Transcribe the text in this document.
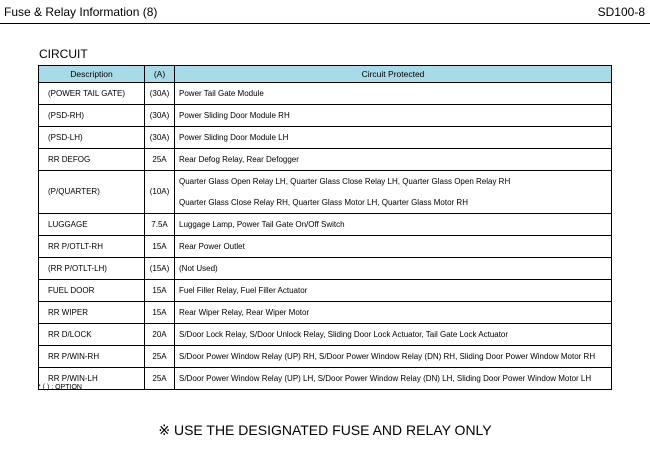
Fuse & Relay Information (8)	SD100-8
CIRCUIT
Description	(A)	Circuit Protected
(POWER TAIL GATE)	(30A)	Power Tail Gate Module

(PSD-RH)	(30A)	Power Sliding Door Module RH

(PSD-LH)	(30A)	Power Sliding Door Module LH

RR DEFOG	25A	Rear Defog Relay, Rear Defogger

(P/QUARTER)	(10A)	Quarter Glass Open Relay LH, Quarter Glass Close Relay LH, Quarter Glass Open Relay RH
Quarter Glass Close Relay RH, Quarter Glass Motor LH, Quarter Glass Motor RH

LUGGAGE	7.5A	Luggage Lamp, Power Tail Gate On/Off Switch

RR P/OTLT-RH	15A	Rear Power Outlet

(RR P/OTLT-LH)	(15A)	(Not Used)

FUEL DOOR	15A	Fuel Filler Relay, Fuel Filler Actuator

RR WIPER	15A	Rear Wiper Relay, Rear Wiper Motor

RR D/LOCK	20A	S/Door Lock Relay, S/Door Unlock Relay, Sliding Door Lock Actuator, Tail Gate Lock Actuator

RR P/WIN-RH	25A	S/Door Power Window Relay (UP) RH, S/Door Power Window Relay (DN) RH, Sliding Door Power Window Motor RH

RR P/WIN-LH	25A	S/Door Power Window Relay (UP) LH, S/Door Power Window Relay (DN) LH, Sliding Door Power Window Motor LH
* ( ) : OPTION
※ USE THE DESIGNATED FUSE AND RELAY ONLY
